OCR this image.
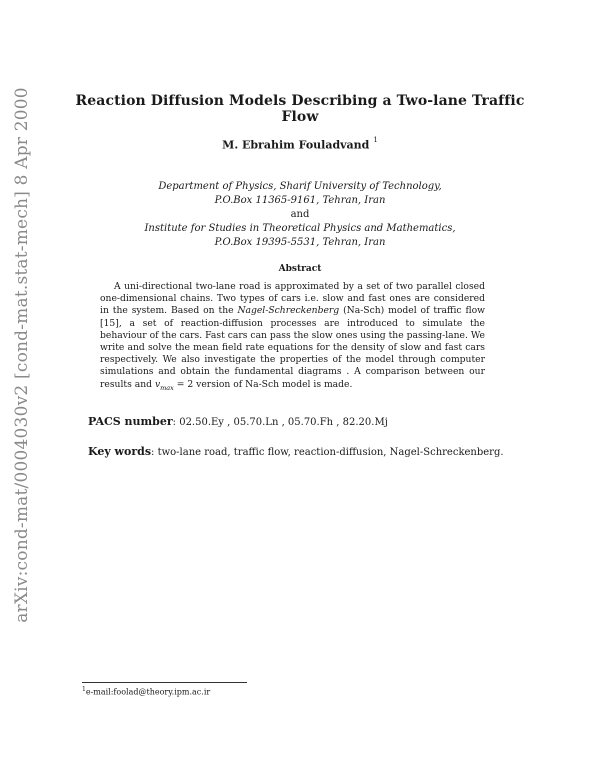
arXiv:cond-mat/0004030v2 [cond-mat.stat-mech] 8 Apr 2000	Reaction Diffusion Models Describing a Two-lane Traffic Flow
M. Ebrahim Fouladvand $^1$
Department of Physics, Sharif University of Technology,
P.O.Box 11365-9161, Tehran, Iran
and
Institute for Studies in Theoretical Physics and Mathematics,
P.O.Box 19395-5531, Tehran, Iran
Abstract

A uni-directional two-lane road is approximated by a set of two parallel closed one-dimensional chains. Two types of cars i.e. slow and fast ones are considered in the system. Based on the Nagel-Schreckenberg (Na-Sch) model of traffic flow [15], a set of reaction-diffusion processes are introduced to simulate the behaviour of the cars. Fast cars can pass the slow ones using the passing-lane. We write and solve the mean field rate equations for the density of slow and fast cars respectively. We also investigate the properties of the model through computer simulations and obtain the fundamental diagrams . A comparison between our results and $v_{max} = 2$ version of Na-Sch model is made.

PACS number: 02.50.Ey , 05.70.Ln , 05.70.Fh , 82.20.Mj
Key words: two-lane road, traffic flow, reaction-diffusion, Nagel-Schreckenberg.
$^1$e-mail:foolad@theory.ipm.ac.ir
